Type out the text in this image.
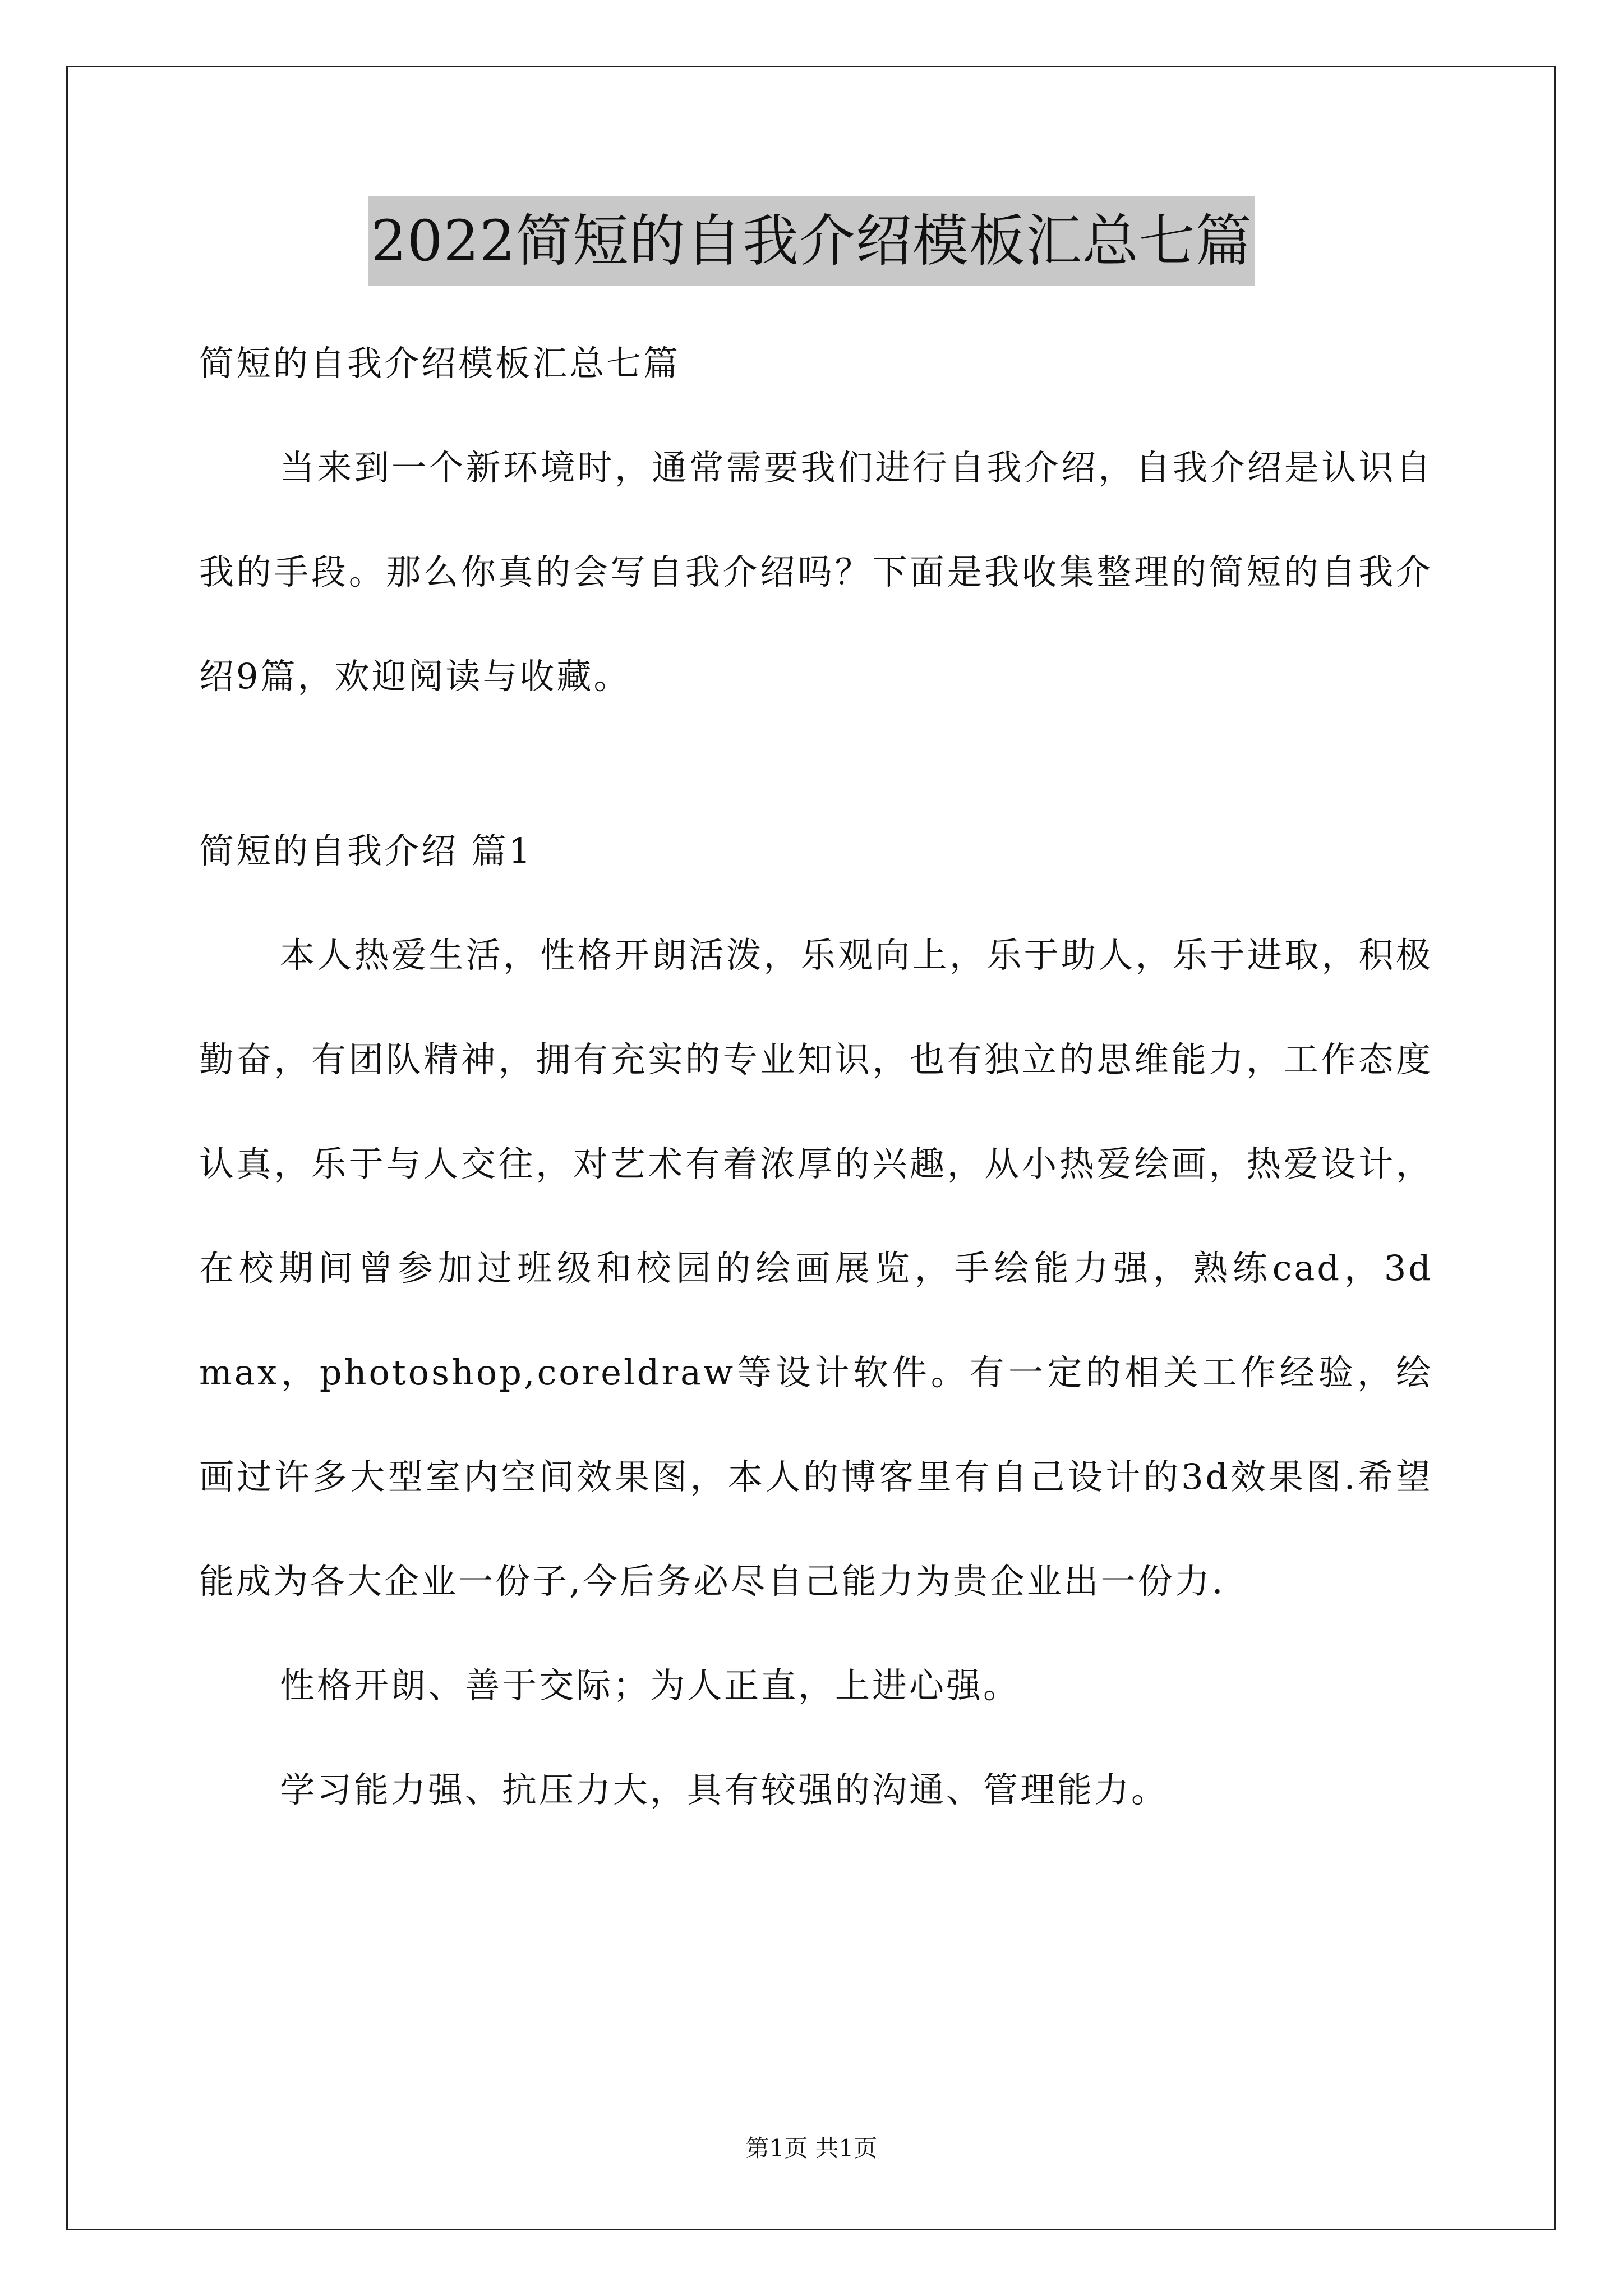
2022简短的自我介绍模板汇总七篇

简短的自我介绍模板汇总七篇

当来到一个新环境时，通常需要我们进行自我介绍，自我介绍是认识自我的手段。那么你真的会写自我介绍吗？下面是我收集整理的简短的自我介绍9篇，欢迎阅读与收藏。

简短的自我介绍 篇1

本人热爱生活，性格开朗活泼，乐观向上，乐于助人，乐于进取，积极勤奋，有团队精神，拥有充实的专业知识，也有独立的思维能力，工作态度认真，乐于与人交往，对艺术有着浓厚的兴趣，从小热爱绘画，热爱设计，在校期间曾参加过班级和校园的绘画展览，手绘能力强，熟练cad，3d max，photoshop,coreldraw等设计软件。有一定的相关工作经验，绘画过许多大型室内空间效果图，本人的博客里有自己设计的3d效果图.希望能成为各大企业一份子,今后务必尽自己能力为贵企业出一份力.

性格开朗、善于交际；为人正直，上进心强。

学习能力强、抗压力大，具有较强的沟通、管理能力。

第1页 共1页
